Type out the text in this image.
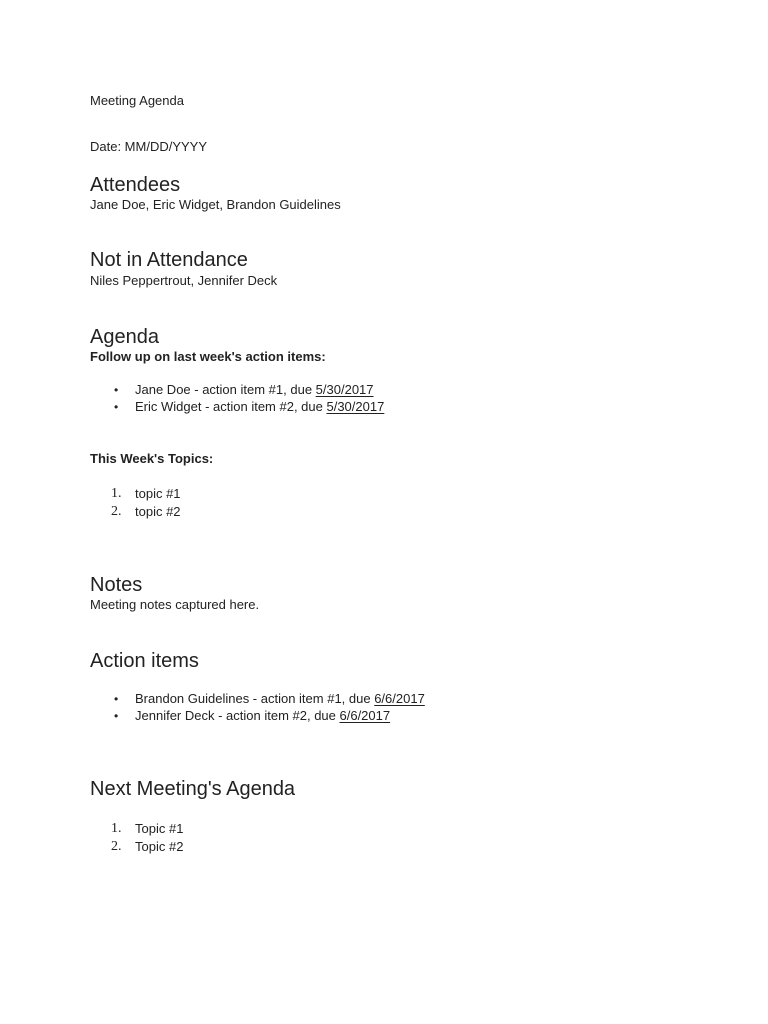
Meeting Agenda
Date: MM/DD/YYYY
Attendees
Jane Doe, Eric Widget, Brandon Guidelines
Not in Attendance
Niles Peppertrout, Jennifer Deck
Agenda
Follow up on last week's action items:
• Jane Doe - action item #1, due 5/30/2017
• Eric Widget - action item #2, due 5/30/2017
This Week's Topics:
1. topic #1
2. topic #2
Notes
Meeting notes captured here.
Action items
• Brandon Guidelines - action item #1, due 6/6/2017
• Jennifer Deck - action item #2, due 6/6/2017
Next Meeting's Agenda
1. Topic #1
2. Topic #2
